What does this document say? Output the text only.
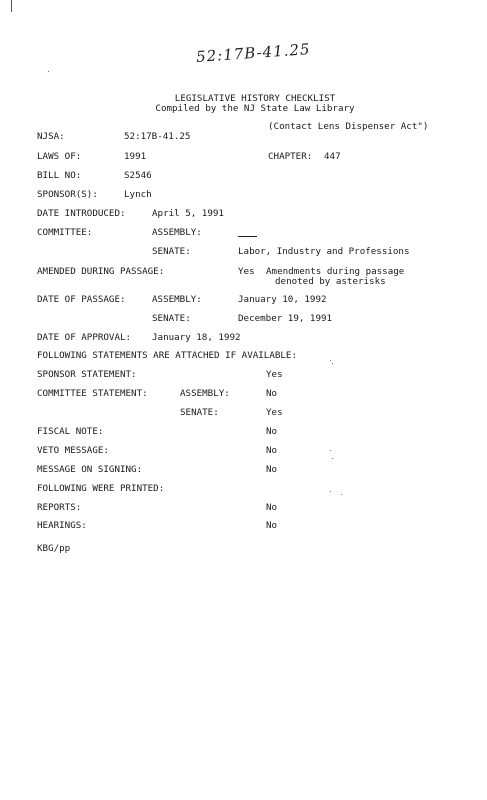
52:17B-41.25
LEGISLATIVE HISTORY CHECKLIST
Compiled by the NJ State Law Library
(Contact Lens Dispenser Act")
NJSA:	52:17B-41.25
LAWS OF:	1991	CHAPTER: 447
BILL NO:	S2546
SPONSOR(S):	Lynch
DATE INTRODUCED:	April 5, 1991
COMMITTEE:	ASSEMBLY:
SENATE:	Labor, Industry and Professions
AMENDED DURING PASSAGE:	Yes Amendments during passage
denoted by asterisks
DATE OF PASSAGE:	ASSEMBLY:	January 10, 1992
SENATE:	December 19, 1991
DATE OF APPROVAL: January 18, 1992
FOLLOWING STATEMENTS ARE ATTACHED IF AVAILABLE:
SPONSOR STATEMENT:	Yes
COMMITTEE STATEMENT:	ASSEMBLY:	No
SENATE:	Yes
FISCAL NOTE:	No
VETO MESSAGE:	No
MESSAGE ON SIGNING:	No
FOLLOWING WERE PRINTED:
REPORTS:	No
HEARINGS:	No
KBG/pp
